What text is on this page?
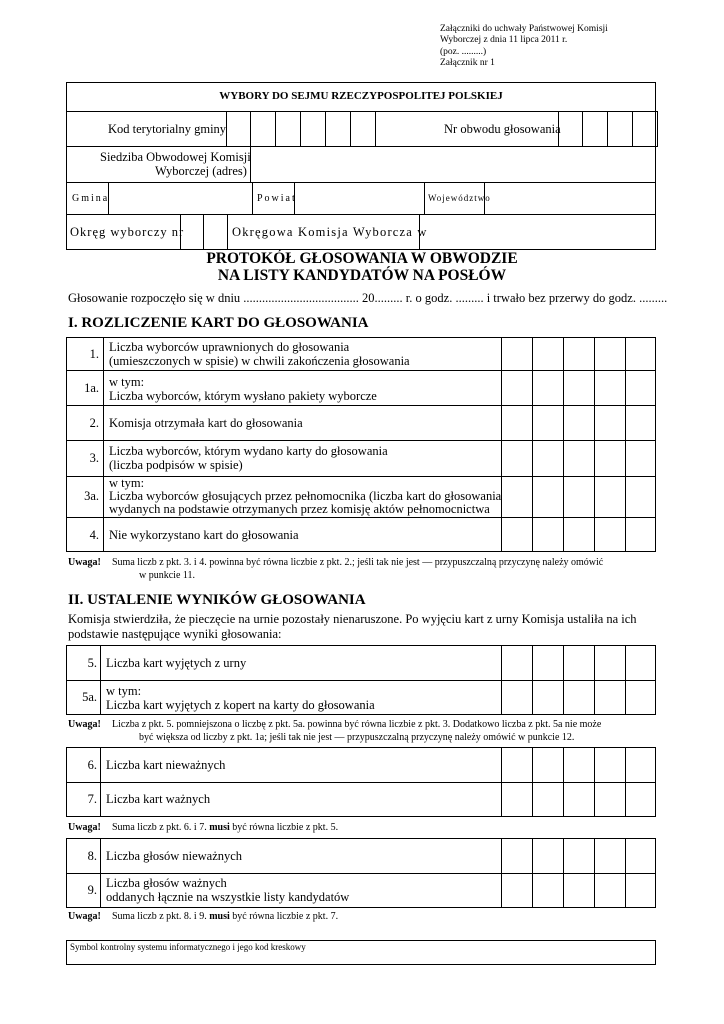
Załączniki do uchwały Państwowej Komisji
Wyborczej z dnia 11 lipca 2011 r.
(poz. .........)
Załącznik nr 1
WYBORY DO SEJMU RZECZYPOSPOLITEJ POLSKIEJ
Kod terytorialny gminy	Nr obwodu głosowania
Siedziba Obwodowej Komisji
Wyborczej (adres)
Gmina	Powiat	Województwo
Okręg wyborczy nr	Okręgowa Komisja Wyborcza w
PROTOKÓŁ GŁOSOWANIA W OBWODZIE
NA LISTY KANDYDATÓW NA POSŁÓW
Głosowanie rozpoczęło się w dniu ..................................... 20......... r. o godz. ......... i trwało bez przerwy do godz. .........
I. ROZLICZENIE KART DO GŁOSOWANIA
1. Liczba wyborców uprawnionych do głosowania
(umieszczonych w spisie) w chwili zakończenia głosowania
1a. w tym:
Liczba wyborców, którym wysłano pakiety wyborcze
2. Komisja otrzymała kart do głosowania
3. Liczba wyborców, którym wydano karty do głosowania
(liczba podpisów w spisie)
3a.
w tym:
Liczba wyborców głosujących przez pełnomocnika (liczba kart do głosowania
wydanych na podstawie otrzymanych przez komisję aktów pełnomocnictwa
4. Nie wykorzystano kart do głosowania
Uwaga! Suma liczb z pkt. 3. i 4. powinna być równa liczbie z pkt. 2.; jeśli tak nie jest — przypuszczalną przyczynę należy omówić
w punkcie 11.
II. USTALENIE WYNIKÓW GŁOSOWANIA
Komisja stwierdziła, że pieczęcie na urnie pozostały nienaruszone. Po wyjęciu kart z urny Komisja ustaliła na ich
podstawie następujące wyniki głosowania:
5. Liczba kart wyjętych z urny
5a. w tym:
Liczba kart wyjętych z kopert na karty do głosowania
Uwaga! Liczba z pkt. 5. pomniejszona o liczbę z pkt. 5a. powinna być równa liczbie z pkt. 3. Dodatkowo liczba z pkt. 5a nie może
być większa od liczby z pkt. 1a; jeśli tak nie jest — przypuszczalną przyczynę należy omówić w punkcie 12.
6. Liczba kart nieważnych
7. Liczba kart ważnych
Uwaga! Suma liczb z pkt. 6. i 7. musi być równa liczbie z pkt. 5.
8. Liczba głosów nieważnych
9. Liczba głosów ważnych
oddanych łącznie na wszystkie listy kandydatów
Uwaga! Suma liczb z pkt. 8. i 9. musi być równa liczbie z pkt. 7.
Symbol kontrolny systemu informatycznego i jego kod kreskowy
